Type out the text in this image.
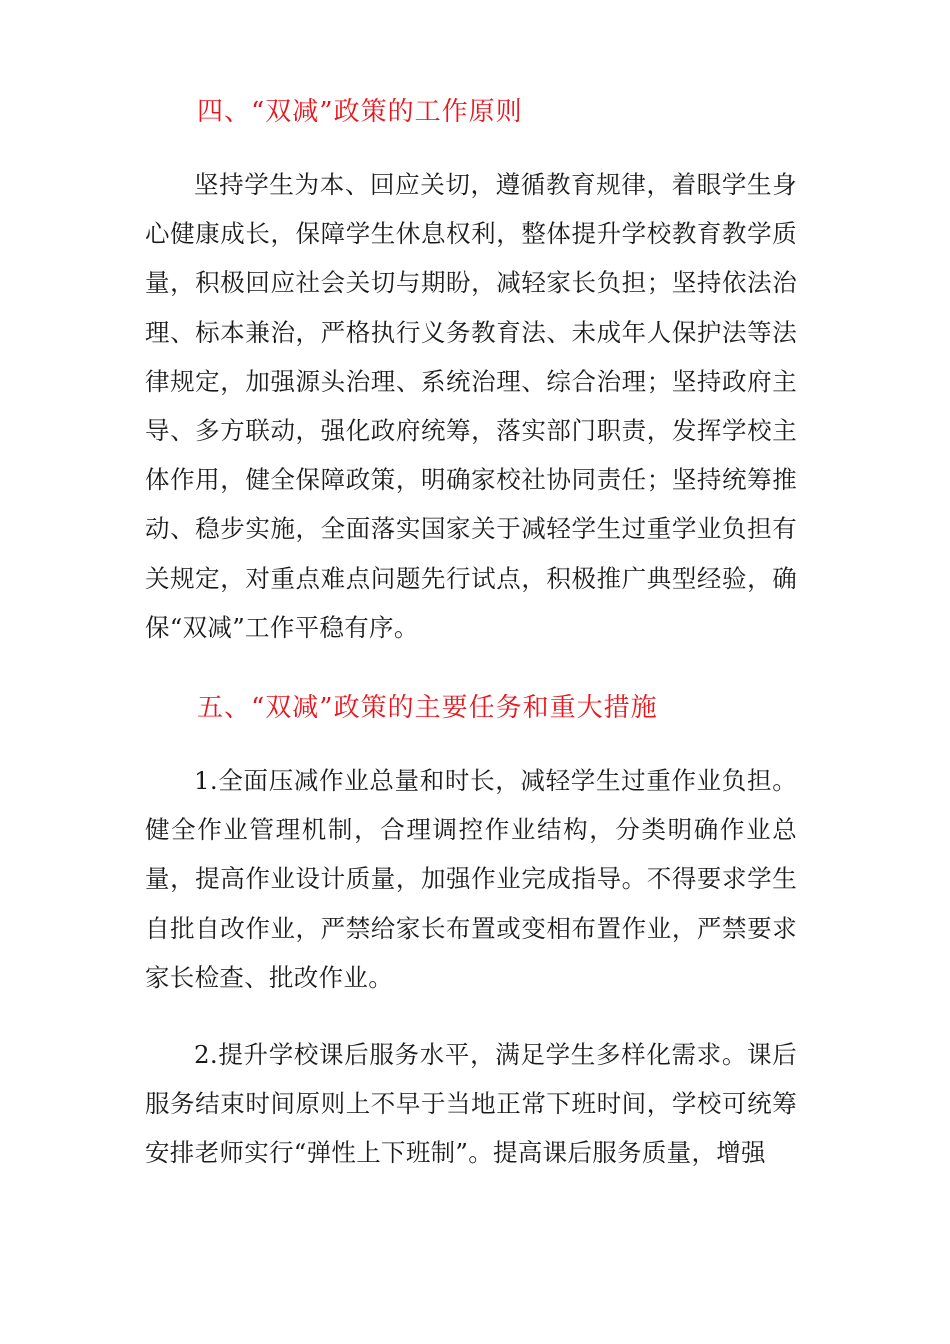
四、“双减”政策的工作原则
坚持学生为本、回应关切，遵循教育规律，着眼学生身心健康成长，保障学生休息权利，整体提升学校教育教学质量，积极回应社会关切与期盼，减轻家长负担；坚持依法治理、标本兼治，严格执行义务教育法、未成年人保护法等法律规定，加强源头治理、系统治理、综合治理；坚持政府主导、多方联动，强化政府统筹，落实部门职责，发挥学校主体作用，健全保障政策，明确家校社协同责任；坚持统筹推动、稳步实施，全面落实国家关于减轻学生过重学业负担有关规定，对重点难点问题先行试点，积极推广典型经验，确保“双减”工作平稳有序。
五、“双减”政策的主要任务和重大措施
1.全面压减作业总量和时长，减轻学生过重作业负担。健全作业管理机制，合理调控作业结构，分类明确作业总量，提高作业设计质量，加强作业完成指导。不得要求学生自批自改作业，严禁给家长布置或变相布置作业，严禁要求家长检查、批改作业。
2.提升学校课后服务水平，满足学生多样化需求。课后服务结束时间原则上不早于当地正常下班时间，学校可统筹安排老师实行“弹性上下班制”。提高课后服务质量，增强
